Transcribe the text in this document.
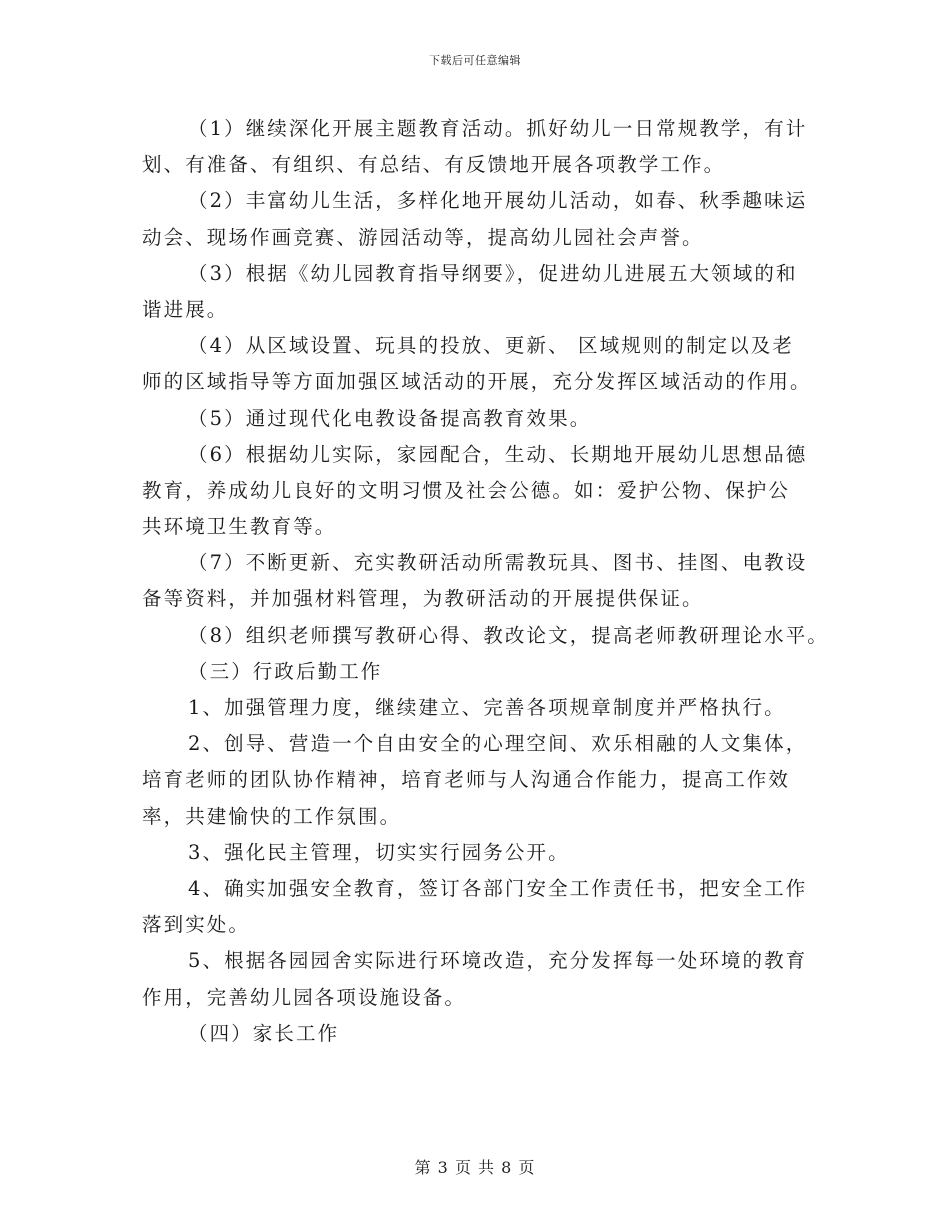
下载后可任意编辑
（1）继续深化开展主题教育活动。抓好幼儿一日常规教学，有计
划、有准备、有组织、有总结、有反馈地开展各项教学工作。
（2）丰富幼儿生活，多样化地开展幼儿活动，如春、秋季趣味运
动会、现场作画竞赛、游园活动等，提高幼儿园社会声誉。
（3）根据《幼儿园教育指导纲要》，促进幼儿进展五大领域的和
谐进展。
（4）从区域设置、玩具的投放、更新、 区域规则的制定以及老
师的区域指导等方面加强区域活动的开展，充分发挥区域活动的作用。
（5）通过现代化电教设备提高教育效果。
（6）根据幼儿实际，家园配合，生动、长期地开展幼儿思想品德
教育，养成幼儿良好的文明习惯及社会公德。如：爱护公物、保护公
共环境卫生教育等。
（7）不断更新、充实教研活动所需教玩具、图书、挂图、电教设
备等资料，并加强材料管理，为教研活动的开展提供保证。
（8）组织老师撰写教研心得、教改论文，提高老师教研理论水平。
（三）行政后勤工作
1、加强管理力度，继续建立、完善各项规章制度并严格执行。
2、创导、营造一个自由安全的心理空间、欢乐相融的人文集体，
培育老师的团队协作精神，培育老师与人沟通合作能力，提高工作效
率，共建愉快的工作氛围。
3、强化民主管理，切实实行园务公开。
4、确实加强安全教育，签订各部门安全工作责任书，把安全工作
落到实处。
5、根据各园园舍实际进行环境改造，充分发挥每一处环境的教育
作用，完善幼儿园各项设施设备。
（四）家长工作
第 3 页 共 8 页
